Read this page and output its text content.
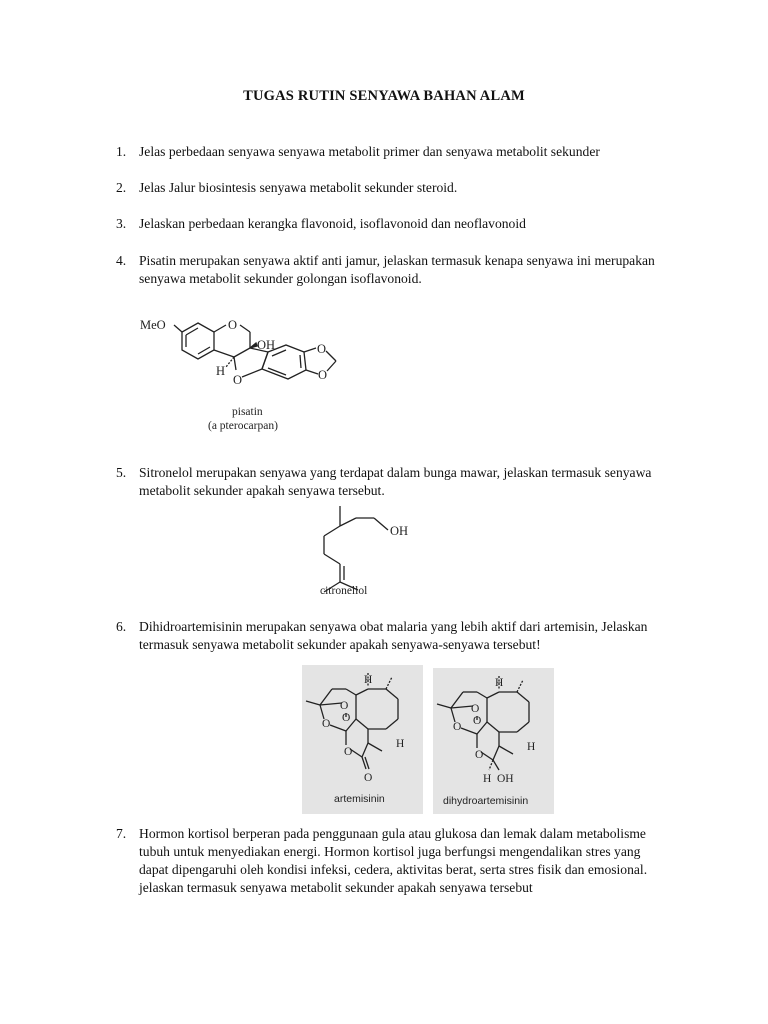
TUGAS RUTIN SENYAWA BAHAN ALAM
1. Jelas perbedaan senyawa senyawa metabolit primer dan senyawa metabolit sekunder
2. Jelas Jalur biosintesis senyawa metabolit sekunder steroid.
3. Jelaskan perbedaan kerangka flavonoid, isoflavonoid dan neoflavonoid
4. Pisatin merupakan senyawa aktif anti jamur, jelaskan termasuk kenapa senyawa ini merupakan senyawa metabolit sekunder golongan isoflavonoid.
MeO	O
OH
H
O
O
O
pisatin
(a pterocarpan)
5. Sitronelol merupakan senyawa yang terdapat dalam bunga mawar, jelaskan termasuk senyawa metabolit sekunder apakah senyawa tersebut.
OH
citronellol
6. Dihidroartemisinin merupakan senyawa obat malaria yang lebih aktif dari artemisin, Jelaskan termasuk senyawa metabolit sekunder apakah senyawa-senyawa tersebut!
H
O
O
O
O
H
O
artemisinin
H
O
O
O
O
H
H OH
dihydroartemisinin
7. Hormon kortisol berperan pada penggunaan gula atau glukosa dan lemak dalam metabolisme tubuh untuk menyediakan energi. Hormon kortisol juga berfungsi mengendalikan stres yang dapat dipengaruhi oleh kondisi infeksi, cedera, aktivitas berat, serta stres fisik dan emosional. jelaskan termasuk senyawa metabolit sekunder apakah senyawa tersebut
